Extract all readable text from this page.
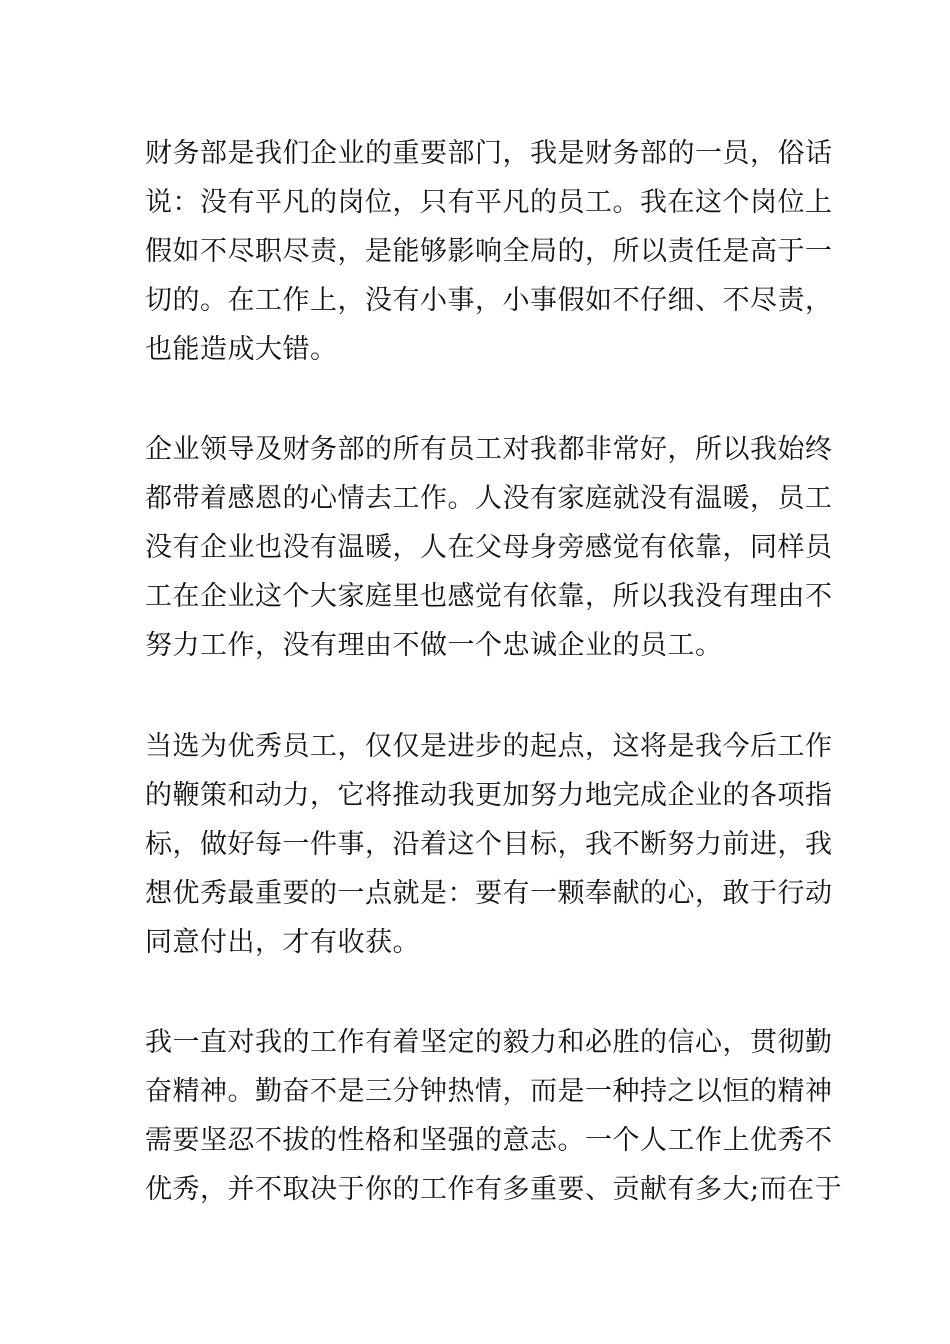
财务部是我们企业的重要部门，我是财务部的一员，俗话
说：没有平凡的岗位，只有平凡的员工。我在这个岗位上
假如不尽职尽责，是能够影响全局的，所以责任是高于一
切的。在工作上，没有小事，小事假如不仔细、不尽责，
也能造成大错。

企业领导及财务部的所有员工对我都非常好，所以我始终
都带着感恩的心情去工作。人没有家庭就没有温暖，员工
没有企业也没有温暖，人在父母身旁感觉有依靠，同样员
工在企业这个大家庭里也感觉有依靠，所以我没有理由不
努力工作，没有理由不做一个忠诚企业的员工。

当选为优秀员工，仅仅是进步的起点，这将是我今后工作
的鞭策和动力，它将推动我更加努力地完成企业的各项指
标，做好每一件事，沿着这个目标，我不断努力前进，我
想优秀最重要的一点就是：要有一颗奉献的心，敢于行动
同意付出，才有收获。

我一直对我的工作有着坚定的毅力和必胜的信心，贯彻勤
奋精神。勤奋不是三分钟热情，而是一种持之以恒的精神
需要坚忍不拔的性格和坚强的意志。一个人工作上优秀不
优秀，并不取决于你的工作有多重要、贡献有多大;而在于
